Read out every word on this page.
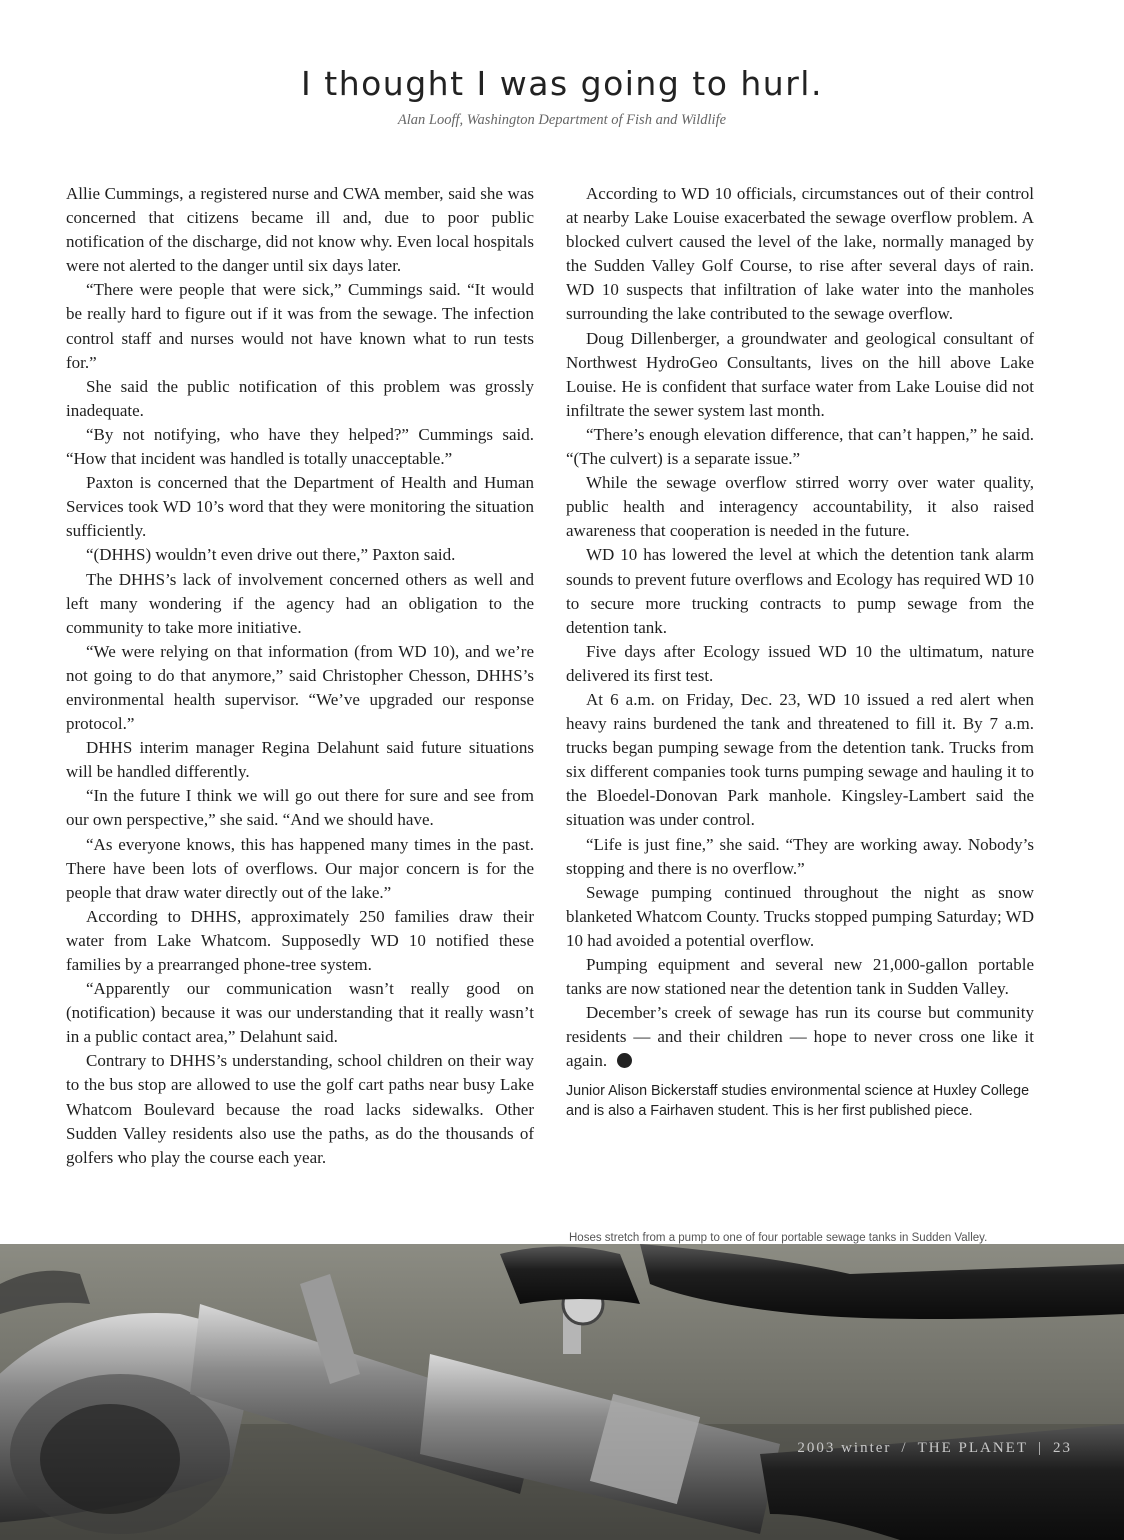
I thought I was going to hurl.
Alan Looff, Washington Department of Fish and Wildlife

Allie Cummings, a registered nurse and CWA member, said she was concerned that citizens became ill and, due to poor public notification of the discharge, did not know why. Even local hospitals were not alerted to the danger until six days later.

“There were people that were sick,” Cummings said. “It would be really hard to figure out if it was from the sewage. The infection control staff and nurses would not have known what to run tests for.”

She said the public notification of this problem was grossly inadequate.

“By not notifying, who have they helped?” Cummings said. “How that incident was handled is totally unacceptable.”

Paxton is concerned that the Department of Health and Human Services took WD 10’s word that they were monitoring the situation sufficiently.

“(DHHS) wouldn’t even drive out there,” Paxton said.

The DHHS’s lack of involvement concerned others as well and left many wondering if the agency had an obligation to the community to take more initiative.

“We were relying on that information (from WD 10), and we’re not going to do that anymore,” said Christopher Chesson, DHHS’s environmental health supervisor. “We’ve upgraded our response protocol.”

DHHS interim manager Regina Delahunt said future situations will be handled differently.

“In the future I think we will go out there for sure and see from our own perspective,” she said. “And we should have.

“As everyone knows, this has happened many times in the past. There have been lots of overflows. Our major concern is for the people that draw water directly out of the lake.”

According to DHHS, approximately 250 families draw their water from Lake Whatcom. Supposedly WD 10 notified these families by a prearranged phone-tree system.

“Apparently our communication wasn’t really good on (notification) because it was our understanding that it really wasn’t in a public contact area,” Delahunt said.

Contrary to DHHS’s understanding, school children on their way to the bus stop are allowed to use the golf cart paths near busy Lake Whatcom Boulevard because the road lacks sidewalks. Other Sudden Valley residents also use the paths, as do the thousands of golfers who play the course each year.

According to WD 10 officials, circumstances out of their control at nearby Lake Louise exacerbated the sewage overflow problem. A blocked culvert caused the level of the lake, normally managed by the Sudden Valley Golf Course, to rise after several days of rain. WD 10 suspects that infiltration of lake water into the manholes surrounding the lake contributed to the sewage overflow.

Doug Dillenberger, a groundwater and geological consultant of Northwest HydroGeo Consultants, lives on the hill above Lake Louise. He is confident that surface water from Lake Louise did not infiltrate the sewer system last month.

“There’s enough elevation difference, that can’t happen,” he said. “(The culvert) is a separate issue.”

While the sewage overflow stirred worry over water quality, public health and interagency accountability, it also raised awareness that cooperation is needed in the future.

WD 10 has lowered the level at which the detention tank alarm sounds to prevent future overflows and Ecology has required WD 10 to secure more trucking contracts to pump sewage from the detention tank.

Five days after Ecology issued WD 10 the ultimatum, nature delivered its first test.

At 6 a.m. on Friday, Dec. 23, WD 10 issued a red alert when heavy rains burdened the tank and threatened to fill it. By 7 a.m. trucks began pumping sewage from the detention tank. Trucks from six different companies took turns pumping sewage and hauling it to the Bloedel-Donovan Park manhole. Kingsley-Lambert said the situation was under control.

“Life is just fine,” she said. “They are working away. Nobody’s stopping and there is no overflow.”

Sewage pumping continued throughout the night as snow blanketed Whatcom County. Trucks stopped pumping Saturday; WD 10 had avoided a potential overflow.

Pumping equipment and several new 21,000-gallon portable tanks are now stationed near the detention tank in Sudden Valley.

December’s creek of sewage has run its course but community residents — and their children — hope to never cross one like it again.

Junior Alison Bickerstaff studies environmental science at Huxley College and is also a Fairhaven student. This is her first published piece.

Hoses stretch from a pump to one of four portable sewage tanks in Sudden Valley.
2003 winter / THE PLANET | 23
